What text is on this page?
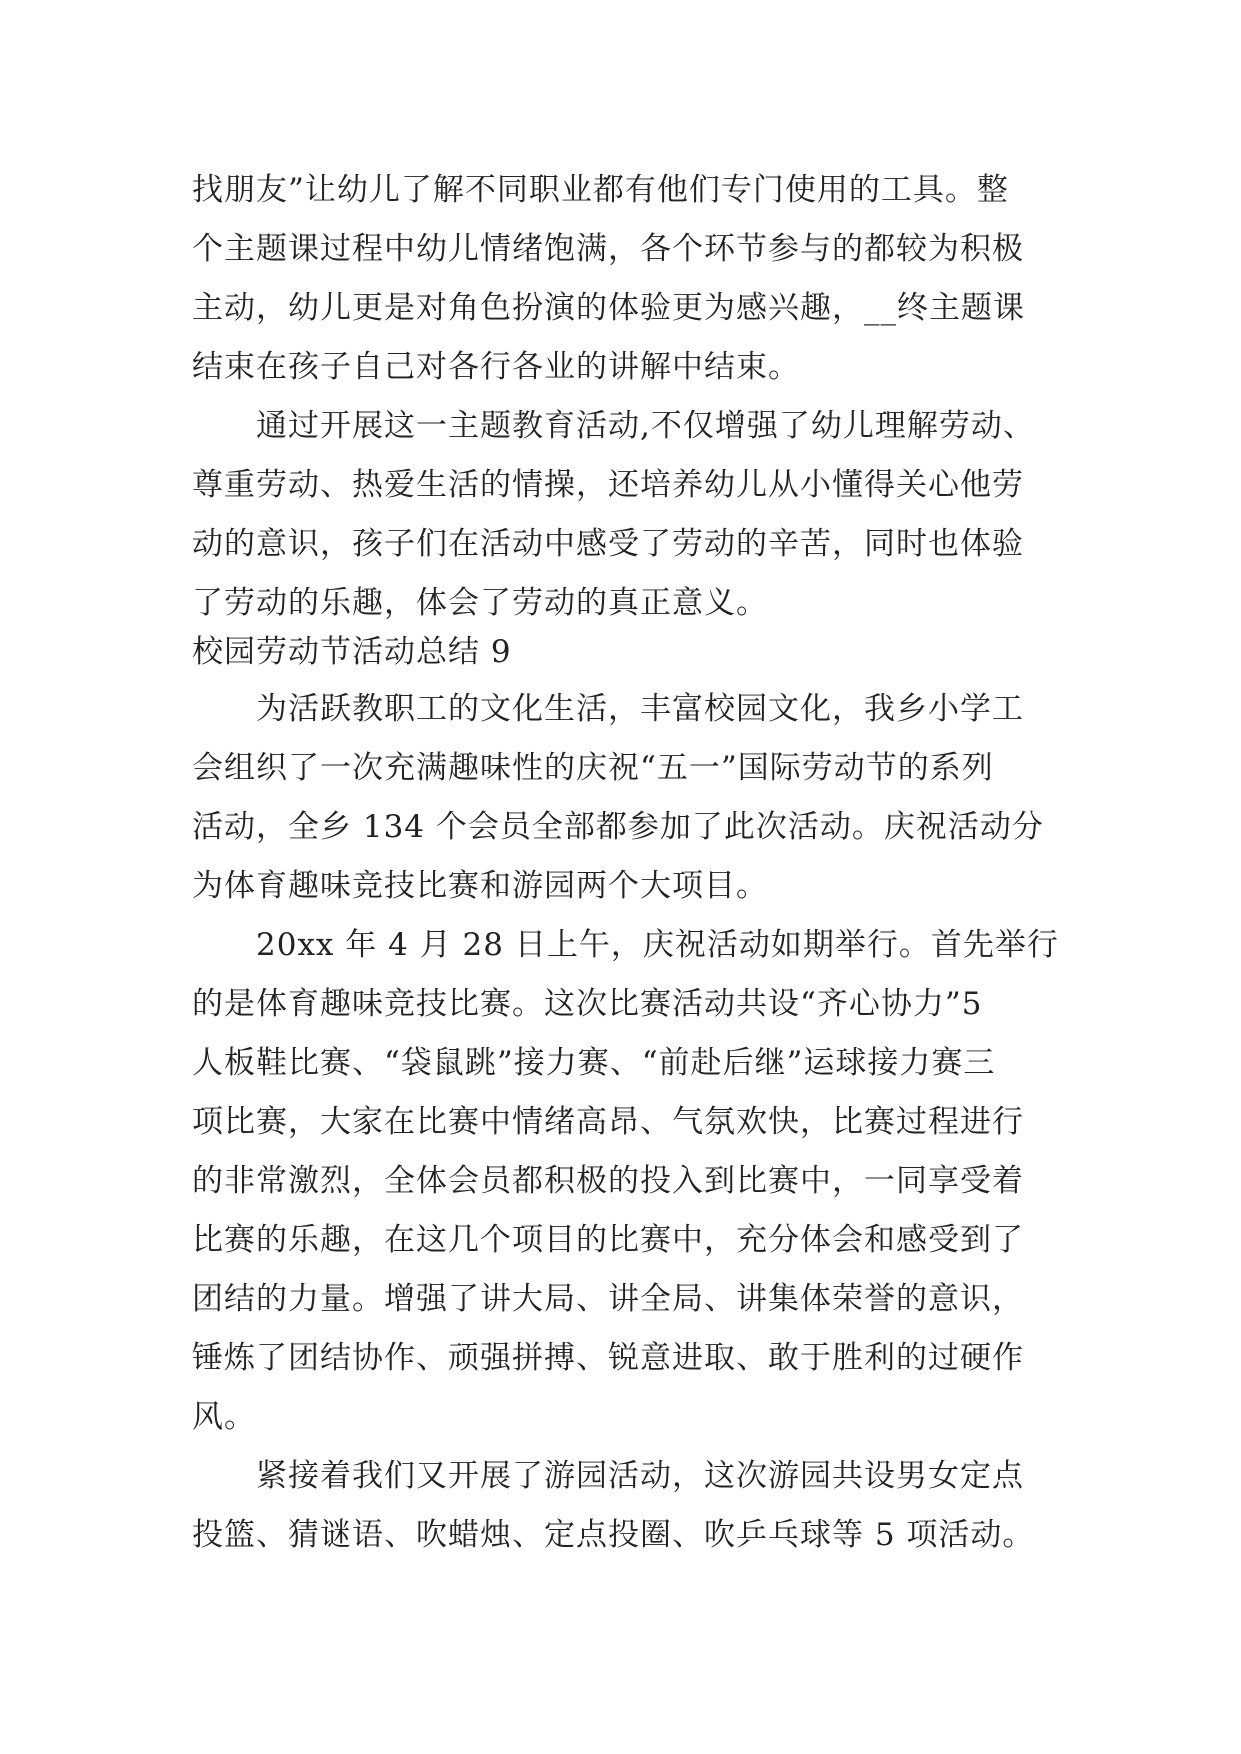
找朋友”让幼儿了解不同职业都有他们专门使用的工具。整
个主题课过程中幼儿情绪饱满，各个环节参与的都较为积极
主动，幼儿更是对角色扮演的体验更为感兴趣，__终主题课
结束在孩子自己对各行各业的讲解中结束。
通过开展这一主题教育活动,不仅增强了幼儿理解劳动、
尊重劳动、热爱生活的情操，还培养幼儿从小懂得关心他劳
动的意识，孩子们在活动中感受了劳动的辛苦，同时也体验
了劳动的乐趣，体会了劳动的真正意义。
校园劳动节活动总结 9
为活跃教职工的文化生活，丰富校园文化，我乡小学工
会组织了一次充满趣味性的庆祝“五一”国际劳动节的系列
活动，全乡 134 个会员全部都参加了此次活动。庆祝活动分
为体育趣味竞技比赛和游园两个大项目。
20xx 年 4 月 28 日上午，庆祝活动如期举行。首先举行
的是体育趣味竞技比赛。这次比赛活动共设“齐心协力”5
人板鞋比赛、“袋鼠跳”接力赛、“前赴后继”运球接力赛三
项比赛，大家在比赛中情绪高昂、气氛欢快，比赛过程进行
的非常激烈，全体会员都积极的投入到比赛中，一同享受着
比赛的乐趣，在这几个项目的比赛中，充分体会和感受到了
团结的力量。增强了讲大局、讲全局、讲集体荣誉的意识，
锤炼了团结协作、顽强拼搏、锐意进取、敢于胜利的过硬作
风。
紧接着我们又开展了游园活动，这次游园共设男女定点
投篮、猜谜语、吹蜡烛、定点投圈、吹乒乓球等 5 项活动。
